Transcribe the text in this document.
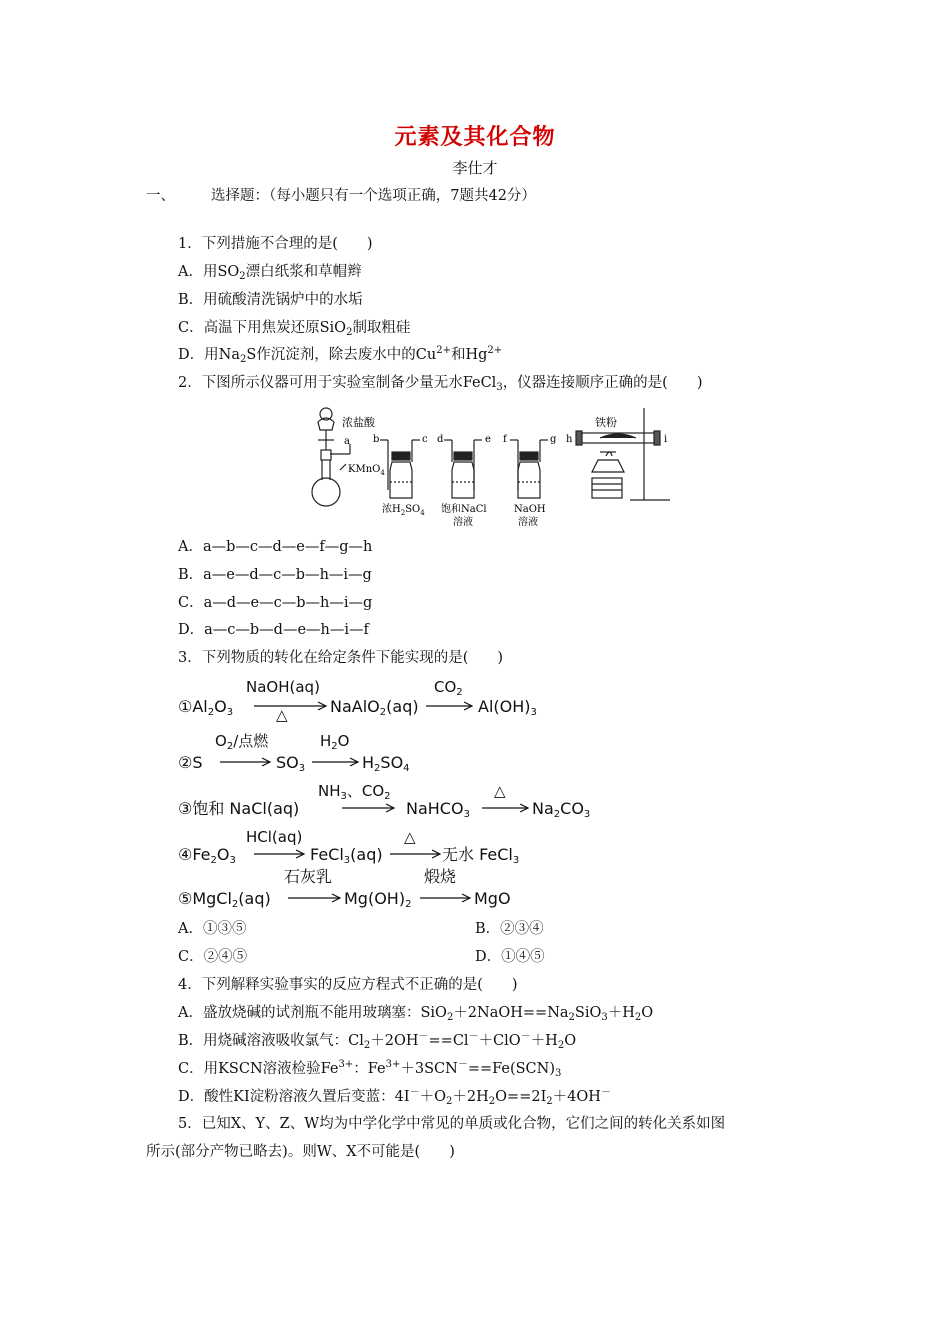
元素及其化合物
李仕才
一、 选择题：（每小题只有一个选项正确，7题共42分）
1．下列措施不合理的是(　　)
A．用$SO_2$漂白纸浆和草帽辫
B．用硫酸清洗锅炉中的水垢
C．高温下用焦炭还原SiO$_2$制取粗硅
D．用$Na_2S$作沉淀剂，除去废水中的$Cu^{2+}$和$Hg^{2+}$
2．下图所示仪器可用于实验室制备少量无水FeCl$_3$，仪器连接顺序正确的是(　　)
浓盐酸
a
KMnO$_4$
b	c d	e f	g h	i
铁粉
浓$H_2SO_4$ 饱和NaCl
溶液
NaOH
溶液
A．a—b—c—d—e—f—g—h
B．a—e—d—c—b—h—i—g
C．a—d—e—c—b—h—i—g
D．a—c—b—d—e—h—i—f
3．下列物质的转化在给定条件下能实现的是(　　)
$①Al_2O_3$
NaOH(aq)
△	NaAlO$_2$(aq)
$CO_2$
$Al(OH)_3$
②S
$O_2/$点燃
$SO_3$
$H_2O$
$H_2SO_4$
③饱和 NaCl(aq)
$NH_3$、$CO_2$
NaHCO$_3$
△
$Na_2CO_3$
$④Fe_2O_3$
HCl(aq)
FeCl$_3$(aq)
△
无水 FeCl$_3$
⑤MgCl$_2$(aq)
石灰乳
$Mg(OH)_2$
煅烧
MgO
A．①③⑤	B．②③④
C．②④⑤	D．①④⑤
4．下列解释实验事实的反应方程式不正确的是(　　)
A．盛放烧碱的试剂瓶不能用玻璃塞：$SiO_2+2NaOH==Na_2SiO_3+H_2O$
B．用烧碱溶液吸收氯气：$Cl_2+2OH^-==Cl^-+ClO^-+H_2O$
C．用KSCN溶液检验$Fe^{3+}$：$Fe^{3+}+3SCN^-==Fe(SCN)_3$
D．酸性KI淀粉溶液久置后变蓝：$4I^-+O_2+2H_2O==2I_2+4OH^-$
5．已知X、Y、Z、W均为中学化学中常见的单质或化合物，它们之间的转化关系如图
所示(部分产物已略去)。则W、X不可能是(　　)
